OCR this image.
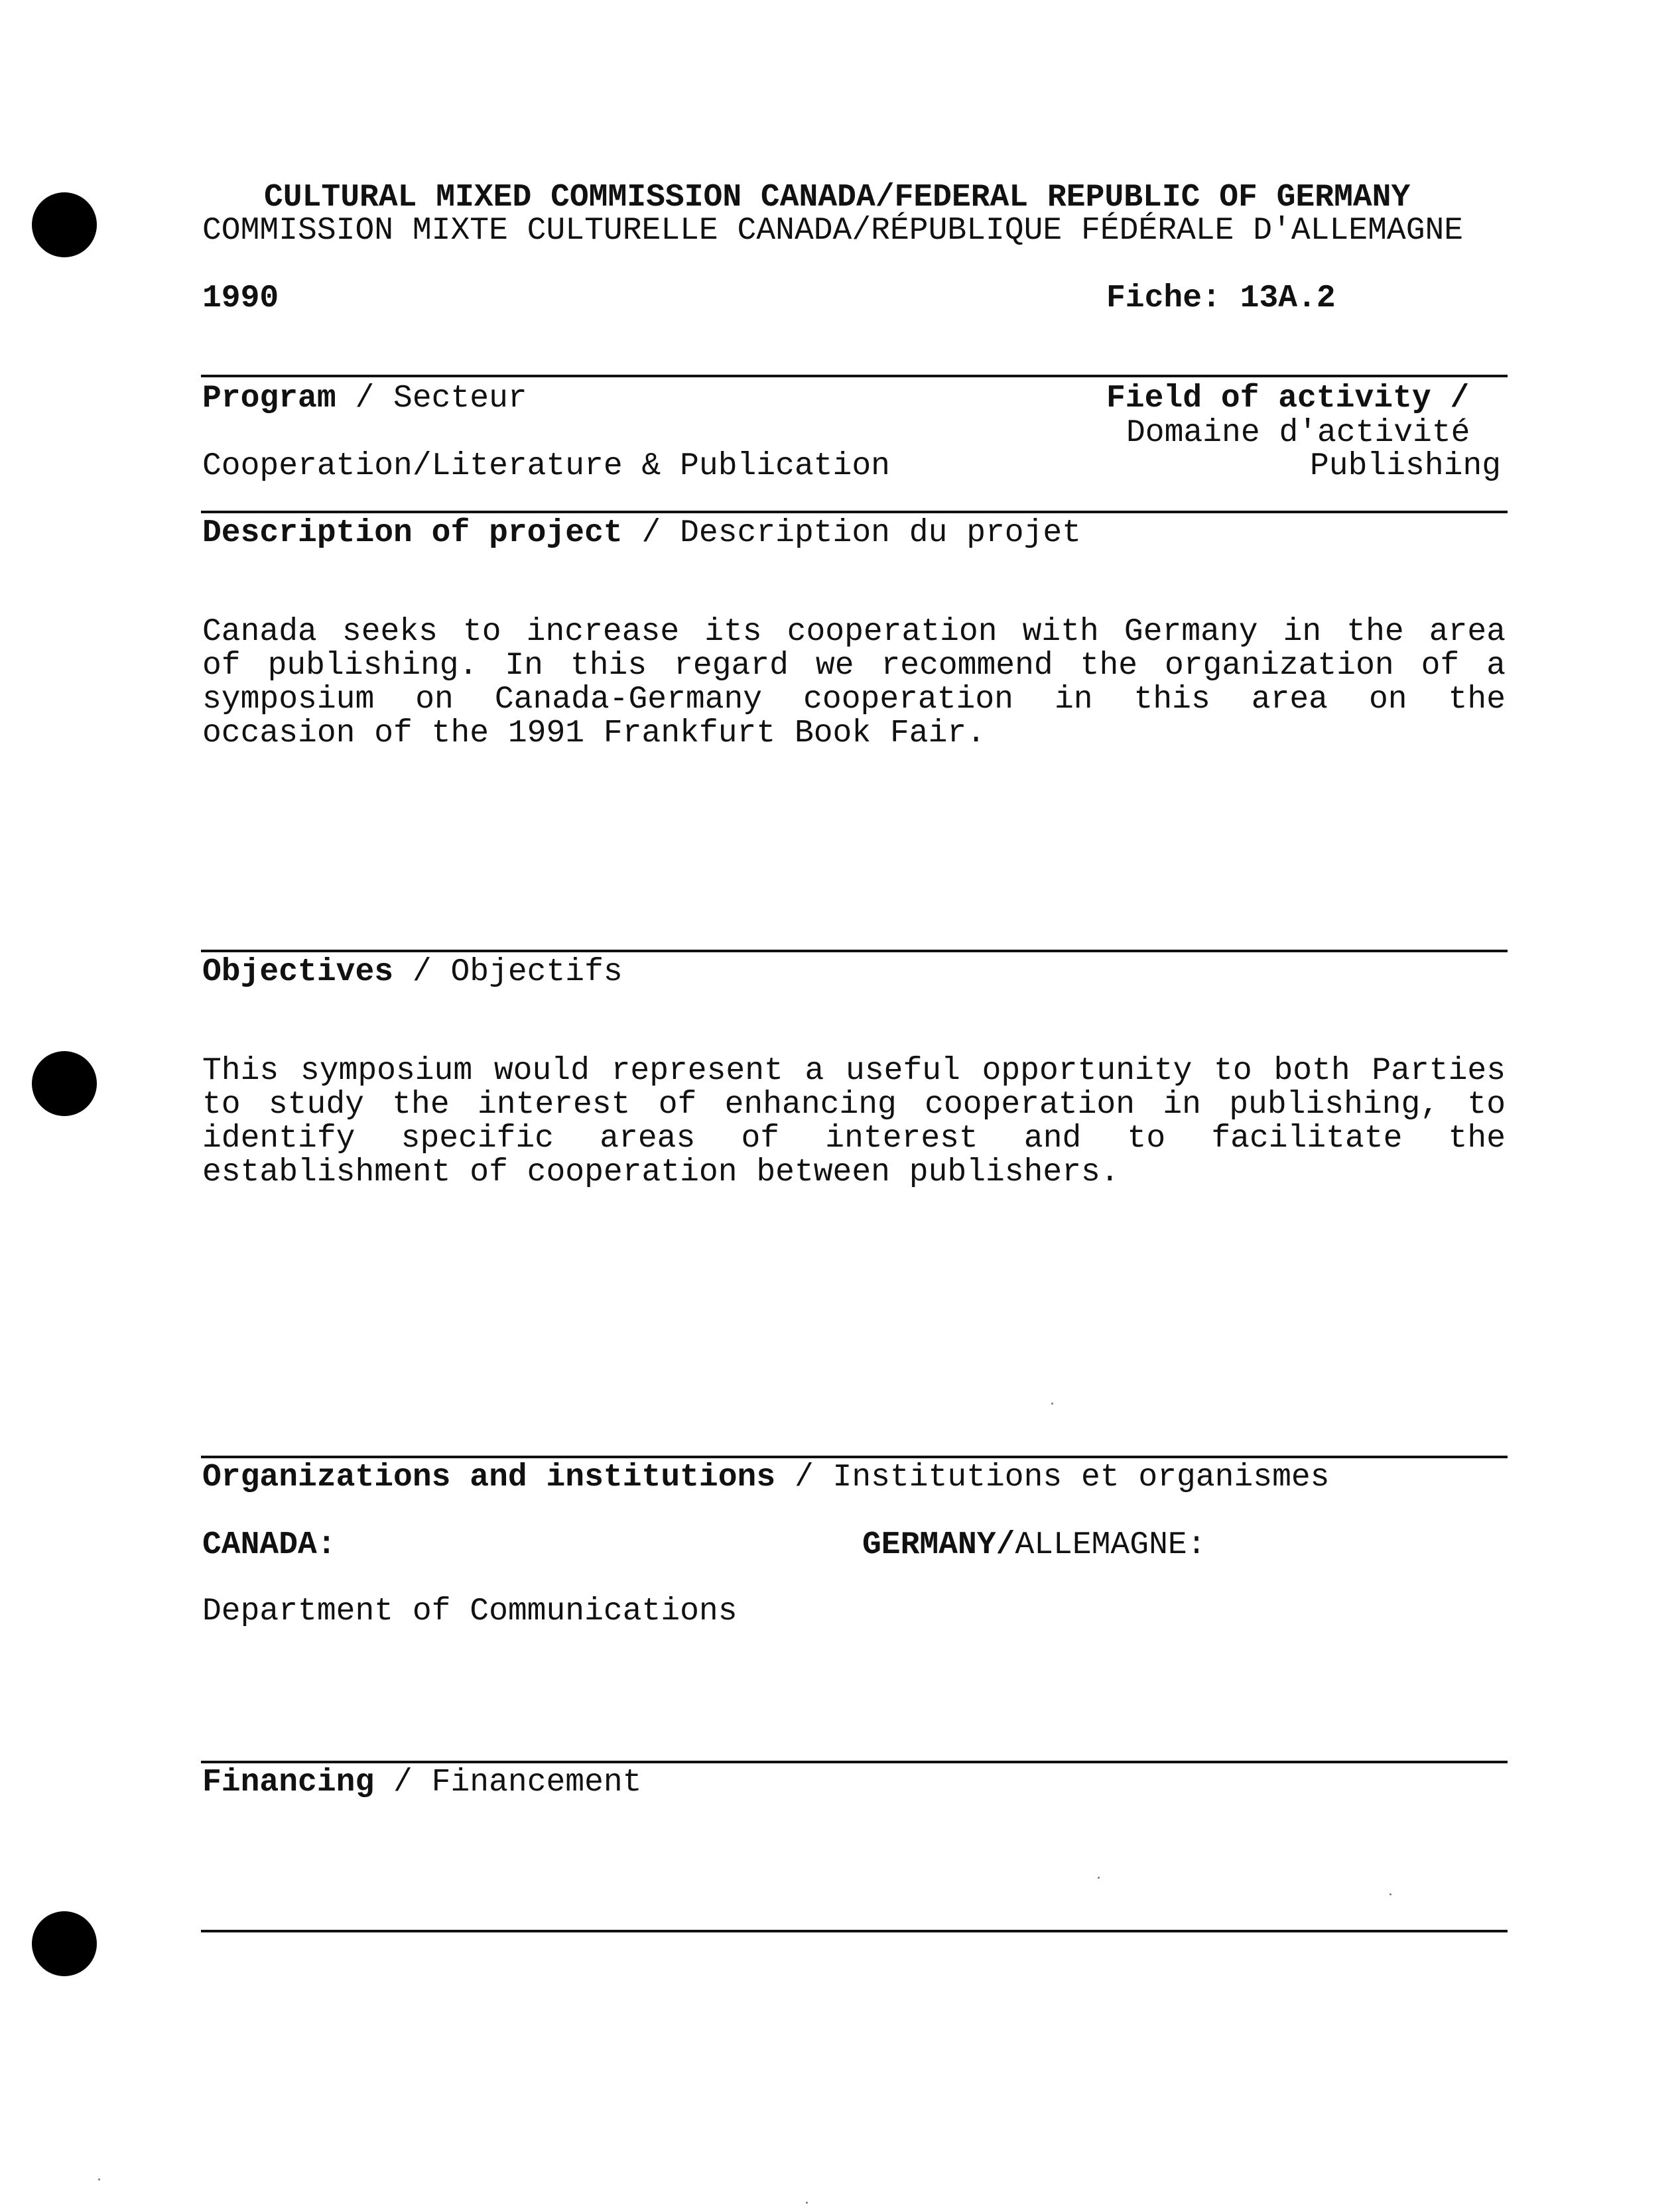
CULTURAL MIXED COMMISSION CANADA/FEDERAL REPUBLIC OF GERMANY
COMMISSION MIXTE CULTURELLE CANADA/RÉPUBLIQUE FÉDÉRALE D'ALLEMAGNE
1990	Fiche: 13A.2
Program / Secteur	Field of activity /
Domaine d'activité
Cooperation/Literature & Publication	Publishing
Description of project / Description du projet
Canada seeks to increase its cooperation with Germany in the area
of publishing. In this regard we recommend the organization of a
symposium on Canada-Germany cooperation in this area on the
occasion of the 1991 Frankfurt Book Fair.
Objectives / Objectifs
This symposium would represent a useful opportunity to both Parties
to study the interest of enhancing cooperation in publishing, to
identify specific areas of interest and to facilitate the
establishment of cooperation between publishers.
Organizations and institutions / Institutions et organismes
CANADA:	GERMANY/ALLEMAGNE:
Department of Communications
Financing / Financement
